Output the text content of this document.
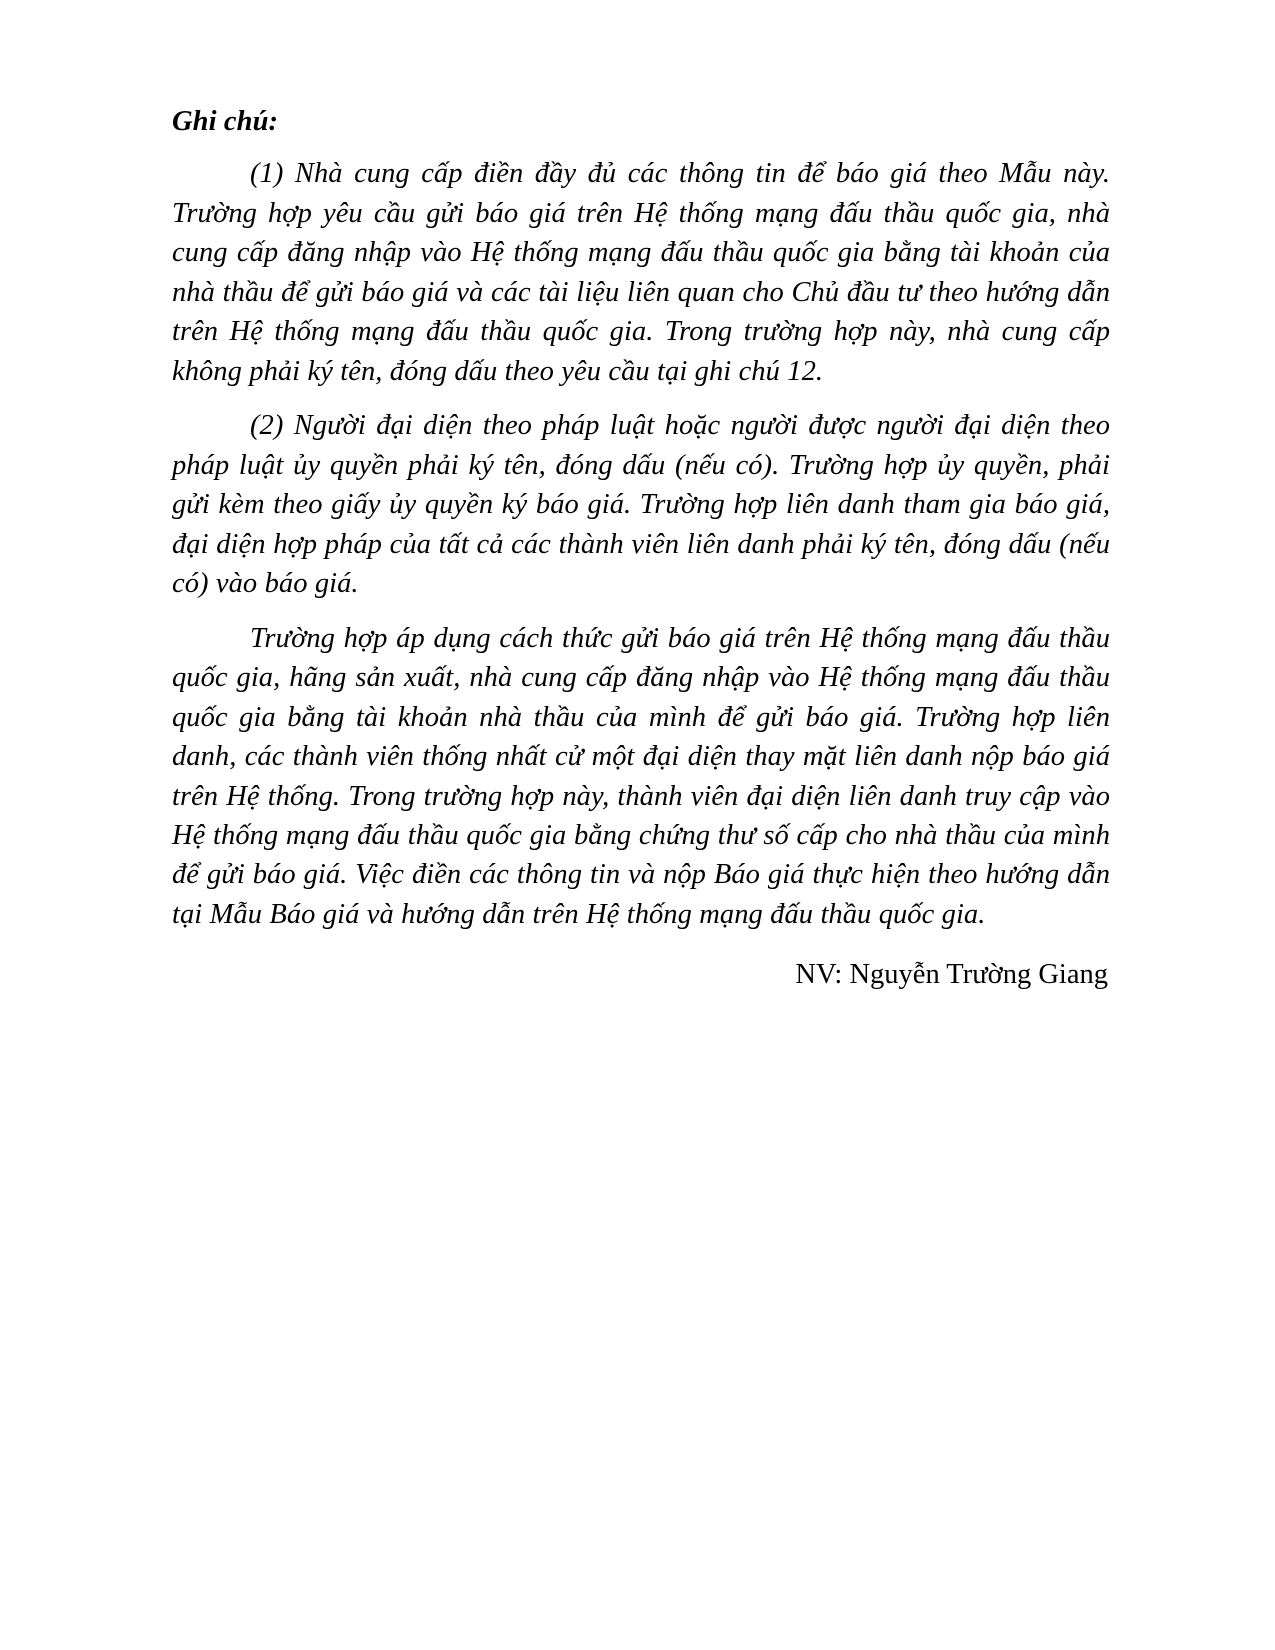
Ghi chú:

(1) Nhà cung cấp điền đầy đủ các thông tin để báo giá theo Mẫu này. Trường hợp yêu cầu gửi báo giá trên Hệ thống mạng đấu thầu quốc gia, nhà cung cấp đăng nhập vào Hệ thống mạng đấu thầu quốc gia bằng tài khoản của nhà thầu để gửi báo giá và các tài liệu liên quan cho Chủ đầu tư theo hướng dẫn trên Hệ thống mạng đấu thầu quốc gia. Trong trường hợp này, nhà cung cấp không phải ký tên, đóng dấu theo yêu cầu tại ghi chú 12.

(2) Người đại diện theo pháp luật hoặc người được người đại diện theo pháp luật ủy quyền phải ký tên, đóng dấu (nếu có). Trường hợp ủy quyền, phải gửi kèm theo giấy ủy quyền ký báo giá. Trường hợp liên danh tham gia báo giá, đại diện hợp pháp của tất cả các thành viên liên danh phải ký tên, đóng dấu (nếu có) vào báo giá.

Trường hợp áp dụng cách thức gửi báo giá trên Hệ thống mạng đấu thầu quốc gia, hãng sản xuất, nhà cung cấp đăng nhập vào Hệ thống mạng đấu thầu quốc gia bằng tài khoản nhà thầu của mình để gửi báo giá. Trường hợp liên danh, các thành viên thống nhất cử một đại diện thay mặt liên danh nộp báo giá trên Hệ thống. Trong trường hợp này, thành viên đại diện liên danh truy cập vào Hệ thống mạng đấu thầu quốc gia bằng chứng thư số cấp cho nhà thầu của mình để gửi báo giá. Việc điền các thông tin và nộp Báo giá thực hiện theo hướng dẫn tại Mẫu Báo giá và hướng dẫn trên Hệ thống mạng đấu thầu quốc gia.

NV: Nguyễn Trường Giang
